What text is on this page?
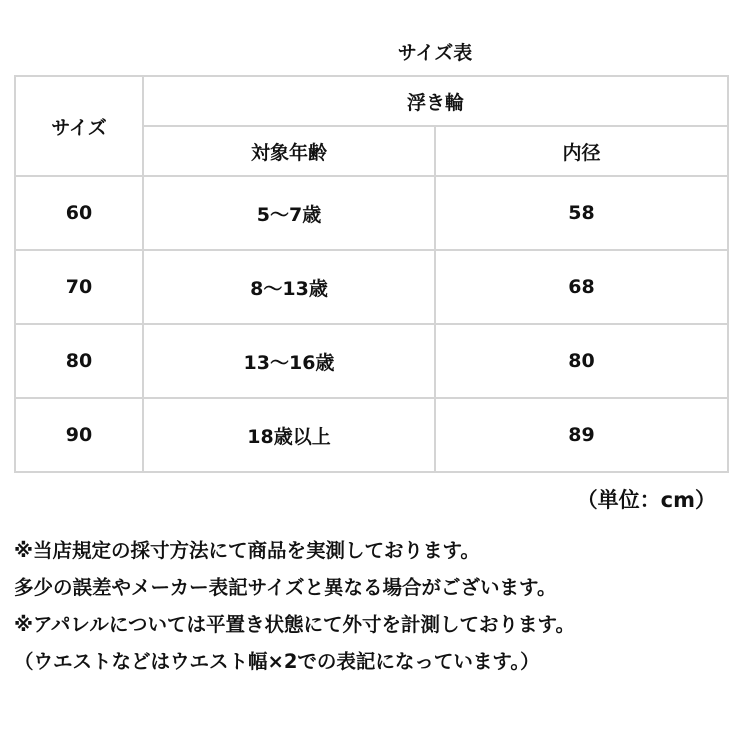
サイズ表
サイズ	浮き輪	
	対象年齢	内径
60	5〜7歳	58
70	8〜13歳	68
80	13〜16歳	80
90	18歳以上	89
（単位：cm）
※当店規定の採寸方法にて商品を実測しております。
多少の誤差やメーカー表記サイズと異なる場合がございます。
※アパレルについては平置き状態にて外寸を計測しております。
（ウエストなどはウエスト幅×2での表記になっています。）
